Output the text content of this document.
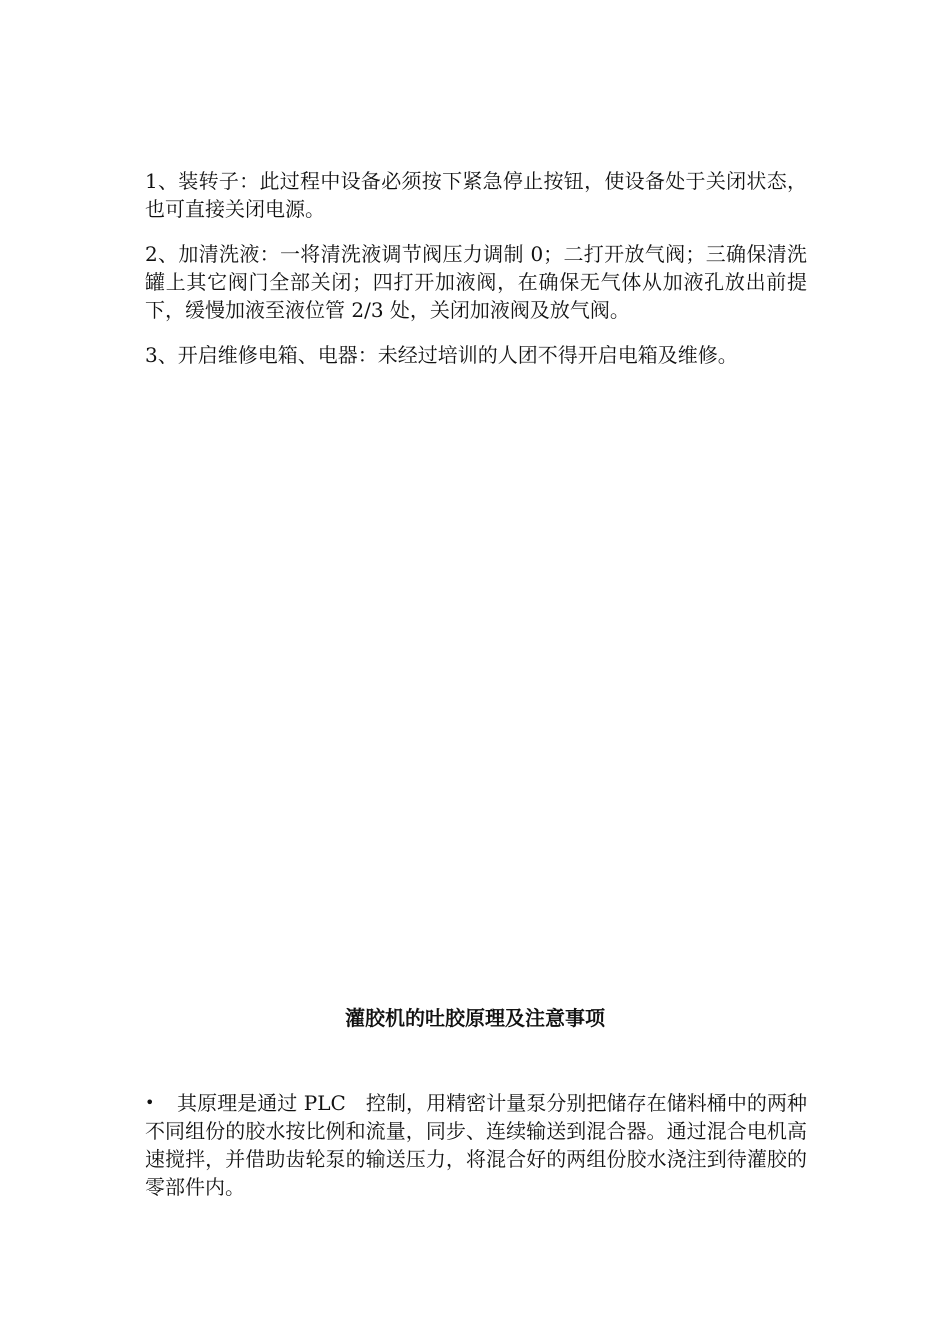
1、装转子：此过程中设备必须按下紧急停止按钮，使设备处于关闭状态，也可直接关闭电源。

2、加清洗液：一将清洗液调节阀压力调制 0；二打开放气阀；三确保清洗罐上其它阀门全部关闭；四打开加液阀，在确保无气体从加液孔放出前提下，缓慢加液至液位管 2/3 处，关闭加液阀及放气阀。

3、开启维修电箱、电器：未经过培训的人团不得开启电箱及维修。

灌胶机的吐胶原理及注意事项

• 其原理是通过 PLC　控制，用精密计量泵分别把储存在储料桶中的两种不同组份的胶水按比例和流量，同步、连续输送到混合器。通过混合电机高速搅拌，并借助齿轮泵的输送压力，将混合好的两组份胶水浇注到待灌胶的零部件内。
